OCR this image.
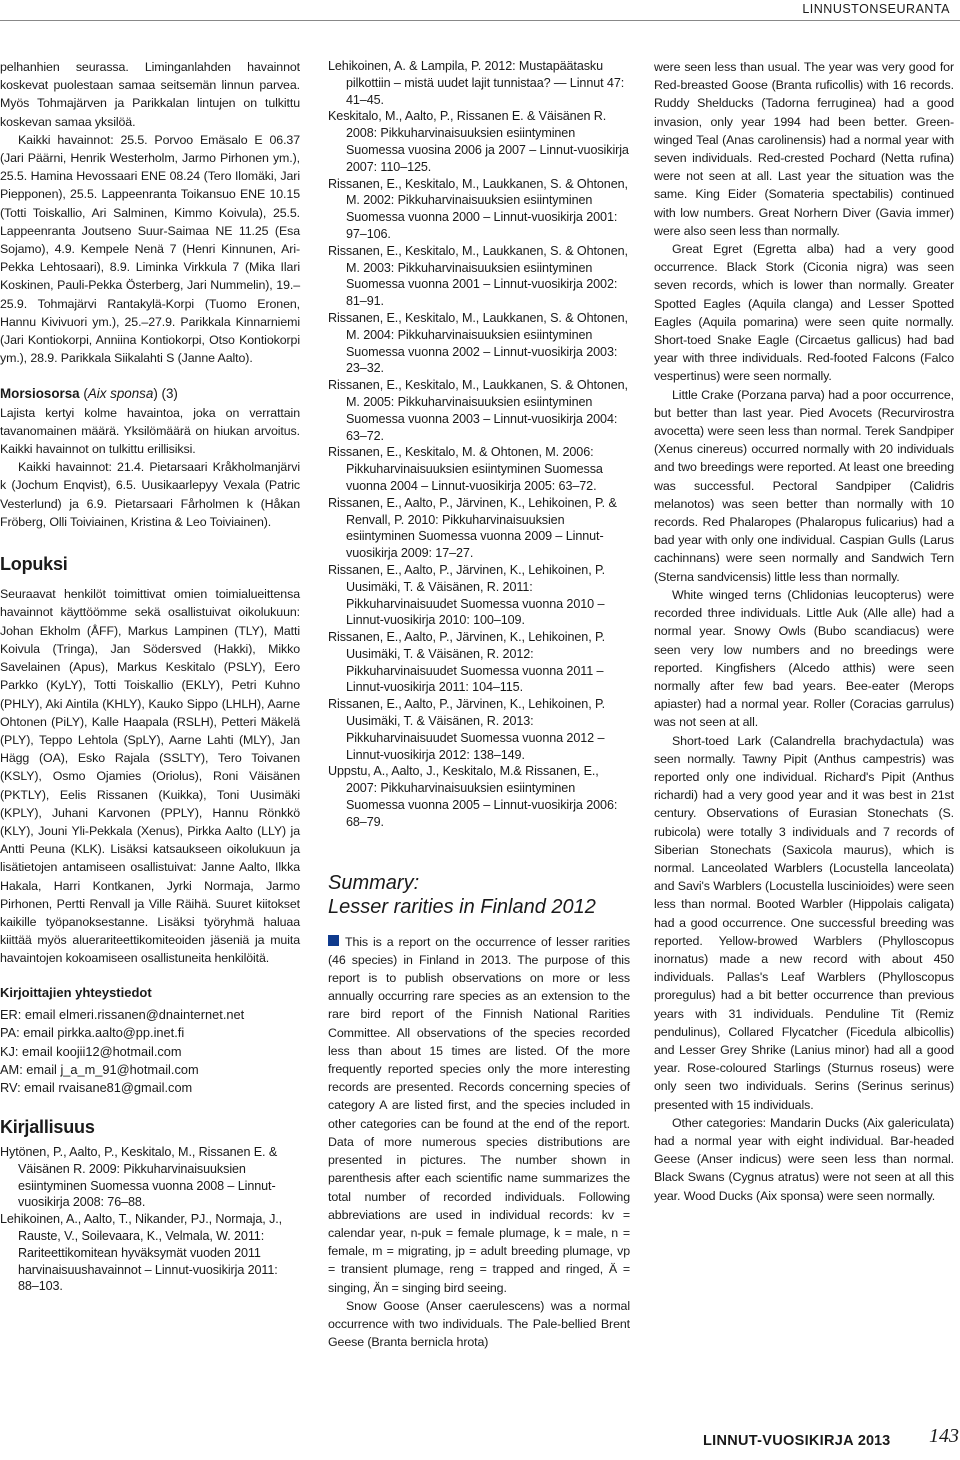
LINNUSTONSEURANTA

pelhanhien seurassa. Liminganlahden havainnot koskevat puolestaan samaa seitsemän linnun parvea. Myös Tohmajärven ja Parikkalan lintujen on tulkittu koskevan samaa yksilöä.

Kaikki havainnot: 25.5. Porvoo Emäsalo E 06.37 (Jari Päärni, Henrik Westerholm, Jarmo Pirhonen ym.), 25.5. Hamina Hevossaari ENE 08.24 (Tero Ilomäki, Jari Piepponen), 25.5. Lappeenranta Toikansuo ENE 10.15 (Totti Toiskallio, Ari Salminen, Kimmo Koivula), 25.5. Lappeenranta Joutseno Suur-Saimaa NE 11.25 (Esa Sojamo), 4.9. Kempele Nenä 7 (Henri Kinnunen, Ari-Pekka Lehtosaari), 8.9. Liminka Virkkula 7 (Mika Ilari Koskinen, Pauli-Pekka Österberg, Jari Nummelin), 19.–25.9. Tohmajärvi Rantakylä-Korpi (Tuomo Eronen, Hannu Kivivuori ym.), 25.–27.9. Parikkala Kinnarniemi (Jari Kontiokorpi, Anniina Kontiokorpi, Otso Kontiokorpi ym.), 28.9. Parikkala Siikalahti S (Janne Aalto).

Morsiosorsa (Aix sponsa) (3)

Lajista kertyi kolme havaintoa, joka on verrattain tavanomainen määrä. Yksilömäärä on hiukan arvoitus. Kaikki havainnot on tulkittu erillisiksi.

Kaikki havainnot: 21.4. Pietarsaari Kråkholmanjärvi k (Jochum Enqvist), 6.5. Uusikaarlepyy Vexala (Patric Vesterlund) ja 6.9. Pietarsaari Fårholmen k (Håkan Fröberg, Olli Toiviainen, Kristina & Leo Toiviainen).

Lopuksi

Seuraavat henkilöt toimittivat omien toimialueittensa havainnot käyttöömme sekä osallistuivat oikolukuun: Johan Ekholm (ÅFF), Markus Lampinen (TLY), Matti Koivula (Tringa), Jan Södersved (Hakki), Mikko Savelainen (Apus), Markus Keskitalo (PSLY), Eero Parkko (KyLY), Totti Toiskallio (EKLY), Petri Kuhno (PHLY), Aki Aintila (KHLY), Kauko Sippo (LHLH), Aarne Ohtonen (PiLY), Kalle Haapala (RSLH), Petteri Mäkelä (PLY), Teppo Lehtola (SpLY), Aarne Lahti (MLY), Jan Hägg (OA), Esko Rajala (SSLTY), Tero Toivanen (KSLY), Osmo Ojamies (Oriolus), Roni Väisänen (PKTLY), Eelis Rissanen (Kuikka), Toni Uusimäki (KPLY), Juhani Karvonen (PPLY), Hannu Rönkkö (KLY), Jouni Yli-Pekkala (Xenus), Pirkka Aalto (LLY) ja Antti Peuna (KLK). Lisäksi katsaukseen oikolukuun ja lisätietojen antamiseen osallistuivat: Janne Aalto, Ilkka Hakala, Harri Kontkanen, Jyrki Normaja, Jarmo Pirhonen, Pertti Renvall ja Ville Räihä. Suuret kiitokset kaikille työpanoksestanne. Lisäksi työryhmä haluaa kiittää myös aluerariteettikomiteoiden jäseniä ja muita havaintojen kokoamiseen osallistuneita henkilöitä.

Kirjoittajien yhteystiedot

ER: email elmeri.rissanen@dnainternet.net

PA: email pirkka.aalto@pp.inet.fi

KJ: email koojii12@hotmail.com

AM: email j_a_m_91@hotmail.com

RV: email rvaisane81@gmail.com

Kirjallisuus

Hytönen, P., Aalto, P., Keskitalo, M., Rissanen E. & Väisänen R. 2009: Pikkuharvinaisuuksien esiintyminen Suomessa vuonna 2008 – Linnut-vuosikirja 2008: 76–88.

Lehikoinen, A., Aalto, T., Nikander, PJ., Normaja, J., Rauste, V., Soilevaara, K., Velmala, W. 2011: Rariteettikomitean hyväksymät vuoden 2011 harvinaisuushavainnot – Linnut-vuosikirja 2011: 88–103.

Lehikoinen, A. & Lampila, P. 2012: Mustapäätasku pilkottiin – mistä uudet lajit tunnistaa? — Linnut 47: 41–45.

Keskitalo, M., Aalto, P., Rissanen E. & Väisänen R. 2008: Pikkuharvinaisuuksien esiintyminen Suomessa vuosina 2006 ja 2007 – Linnut-vuosikirja 2007: 110–125.

Rissanen, E., Keskitalo, M., Laukkanen, S. & Ohtonen, M. 2002: Pikkuharvinaisuuksien esiintyminen Suomessa vuonna 2000 – Linnut-vuosikirja 2001: 97–106.

Rissanen, E., Keskitalo, M., Laukkanen, S. & Ohtonen, M. 2003: Pikkuharvinaisuuksien esiintyminen Suomessa vuonna 2001 – Linnut-vuosikirja 2002: 81–91.

Rissanen, E., Keskitalo, M., Laukkanen, S. & Ohtonen, M. 2004: Pikkuharvinaisuuksien esiintyminen Suomessa vuonna 2002 – Linnut-vuosikirja 2003: 23–32.

Rissanen, E., Keskitalo, M., Laukkanen, S. & Ohtonen, M. 2005: Pikkuharvinaisuuksien esiintyminen Suomessa vuonna 2003 – Linnut-vuosikirja 2004: 63–72.

Rissanen, E., Keskitalo, M. & Ohtonen, M. 2006: Pikkuharvinaisuuksien esiintyminen Suomessa vuonna 2004 – Linnut-vuosikirja 2005: 63–72.

Rissanen, E., Aalto, P., Järvinen, K., Lehikoinen, P. & Renvall, P. 2010: Pikkuharvinaisuuksien esiintyminen Suomessa vuonna 2009 – Linnut-vuosikirja 2009: 17–27.

Rissanen, E., Aalto, P., Järvinen, K., Lehikoinen, P. Uusimäki, T. & Väisänen, R. 2011: Pikkuharvinaisuudet Suomessa vuonna 2010 – Linnut-vuosikirja 2010: 100–109.

Rissanen, E., Aalto, P., Järvinen, K., Lehikoinen, P. Uusimäki, T. & Väisänen, R. 2012: Pikkuharvinaisuudet Suomessa vuonna 2011 – Linnut-vuosikirja 2011: 104–115.

Rissanen, E., Aalto, P., Järvinen, K., Lehikoinen, P. Uusimäki, T. & Väisänen, R. 2013: Pikkuharvinaisuudet Suomessa vuonna 2012 – Linnut-vuosikirja 2012: 138–149.

Uppstu, A., Aalto, J., Keskitalo, M.& Rissanen, E., 2007: Pikkuharvinaisuuksien esiintyminen Suomessa vuonna 2005 – Linnut-vuosikirja 2006: 68–79.

Summary:
Lesser rarities in Finland 2012

This is a report on the occurrence of lesser rarities (46 species) in Finland in 2013. The purpose of this report is to publish observations on more or less annually occurring rare species as an extension to the rare bird report of the Finnish National Rarities Committee. All observations of the species recorded less than about 15 times are listed. Of the more frequently reported species only the more interesting records are presented. Records concerning species of category A are listed first, and the species included in other categories can be found at the end of the report. Data of more numerous species distributions are presented in pictures. The number shown in parenthesis after each scientific name summarizes the total number of recorded individuals. Following abbreviations are used in individual records: kv = calendar year, n-puk = female plumage, k = male, n = female, m = migrating, jp = adult breeding plumage, vp = transient plumage, reng = trapped and ringed, Ä = singing, Än = singing bird seeing.

Snow Goose (Anser caerulescens) was a normal occurrence with two individuals. The Pale-bellied Brent Geese (Branta bernicla hrota)

were seen less than usual. The year was very good for Red-breasted Goose (Branta ruficollis) with 16 records. Ruddy Shelducks (Tadorna ferruginea) had a good invasion, only year 1994 had been better. Green-winged Teal (Anas carolinensis) had a normal year with seven individuals. Red-crested Pochard (Netta rufina) were not seen at all. Last year the situation was the same. King Eider (Somateria spectabilis) continued with low numbers. Great Norhern Diver (Gavia immer) were also seen less than normally.

Great Egret (Egretta alba) had a very good occurrence. Black Stork (Ciconia nigra) was seen seven records, which is lower than normally. Greater Spotted Eagles (Aquila clanga) and Lesser Spotted Eagles (Aquila pomarina) were seen quite normally. Short-toed Snake Eagle (Circaetus gallicus) had bad year with three individuals. Red-footed Falcons (Falco vespertinus) were seen normally.

Little Crake (Porzana parva) had a poor occurrence, but better than last year. Pied Avocets (Recurvirostra avocetta) were seen less than normal. Terek Sandpiper (Xenus cinereus) occurred normally with 20 individuals and two breedings were reported. At least one breeding was successful. Pectoral Sandpiper (Calidris melanotos) was seen better than normally with 10 records. Red Phalaropes (Phalaropus fulicarius) had a bad year with only one individual. Caspian Gulls (Larus cachinnans) were seen normally and Sandwich Tern (Sterna sandvicensis) little less than normally.

White winged terns (Chlidonias leucopterus) were recorded three individuals. Little Auk (Alle alle) had a normal year. Snowy Owls (Bubo scandiacus) were seen very low numbers and no breedings were reported. Kingfishers (Alcedo atthis) were seen normally after few bad years. Bee-eater (Merops apiaster) had a normal year. Roller (Coracias garrulus) was not seen at all.

Short-toed Lark (Calandrella brachydactula) was seen normally. Tawny Pipit (Anthus campestris) was reported only one individual. Richard's Pipit (Anthus richardi) had a very good year and it was best in 21st century. Observations of Eurasian Stonechats (S. rubicola) were totally 3 individuals and 7 records of Siberian Stonechats (Saxicola maurus), which is normal. Lanceolated Warblers (Locustella lanceolata) and Savi's Warblers (Locustella luscinioides) were seen less than normal. Booted Warbler (Hippolais caligata) had a good occurrence. One successful breeding was reported. Yellow-browed Warblers (Phylloscopus inornatus) made a new record with about 450 individuals. Pallas's Leaf Warblers (Phylloscopus proregulus) had a bit better occurrence than previous years with 31 individuals. Penduline Tit (Remiz pendulinus), Collared Flycatcher (Ficedula albicollis) and Lesser Grey Shrike (Lanius minor) had all a good year. Rose-coloured Starlings (Sturnus roseus) were only seen two individuals. Serins (Serinus serinus) presented with 15 individuals.

Other categories: Mandarin Ducks (Aix galericulata) had a normal year with eight individual. Bar-headed Geese (Anser indicus) were seen less than normal. Black Swans (Cygnus atratus) were not seen at all this year. Wood Ducks (Aix sponsa) were seen normally.

LINNUT-VUOSIKIRJA 2013 143
